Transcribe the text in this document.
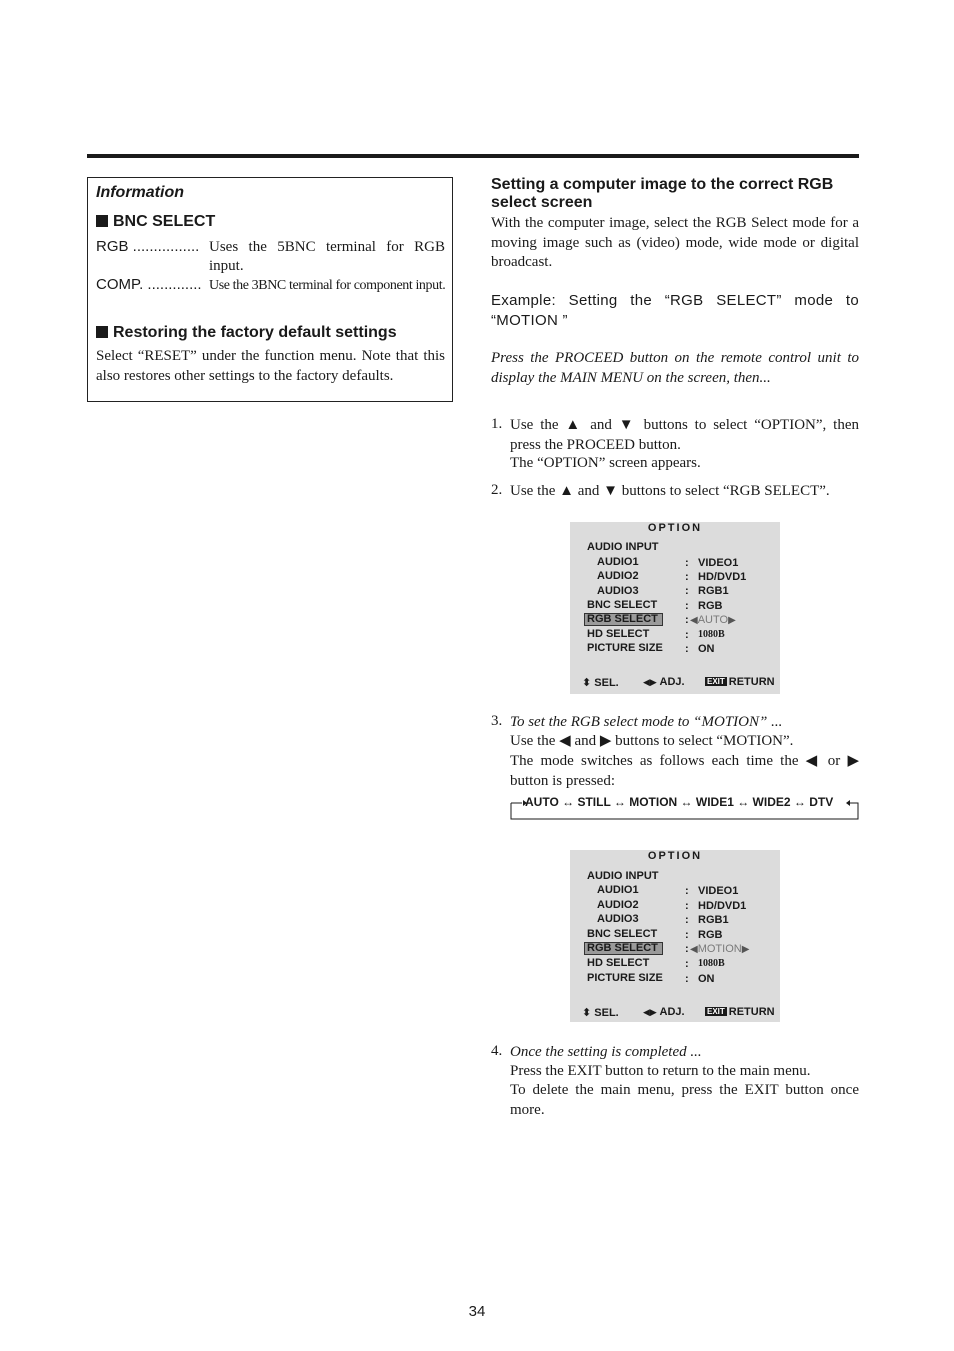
Information
BNC SELECT
RGB ................ Uses the 5BNC terminal for RGB input.
COMP. ............. Use the 3BNC terminal for component input.
Restoring the factory default settings
Select “RESET” under the function menu. Note that this also restores other settings to the factory defaults.
Setting a computer image to the correct RGB select screen
With the computer image, select the RGB Select mode for a moving image such as (video) mode, wide mode or digital broadcast.
Example: Setting the “RGB SELECT” mode to “MOTION ”
Press the PROCEED button on the remote control unit to display the MAIN MENU on the screen, then...
1. Use the ▲ and ▼ buttons to select “OPTION”, then press the PROCEED button.
The “OPTION” screen appears.
2. Use the ▲ and ▼ buttons to select “RGB SELECT”.
OPTION
AUDIO INPUT
AUDIO1	: VIDEO1
AUDIO2	: HD/DVD1
AUDIO3	: RGB1
BNC SELECT	: RGB
RGB SELECT : ◀AUTO▶
HD SELECT	: 1080B
PICTURE SIZE : ON
⬍ SEL.	◀▶ ADJ.	EXIT RETURN
3. To set the RGB select mode to “MOTION” ...
Use the ◀ and ▶ buttons to select “MOTION”.
The mode switches as follows each time the ◀ or ▶ button is pressed:
AUTO ↔ STILL ↔ MOTION ↔ WIDE1 ↔ WIDE2 ↔ DTV
OPTION
AUDIO INPUT
AUDIO1	: VIDEO1
AUDIO2	: HD/DVD1
AUDIO3	: RGB1
BNC SELECT	: RGB
RGB SELECT : ◀MOTION▶
HD SELECT	: 1080B
PICTURE SIZE : ON
⬍ SEL.	◀▶ ADJ.	EXIT RETURN
4. Once the setting is completed ...
Press the EXIT button to return to the main menu.
To delete the main menu, press the EXIT button once more.
34
